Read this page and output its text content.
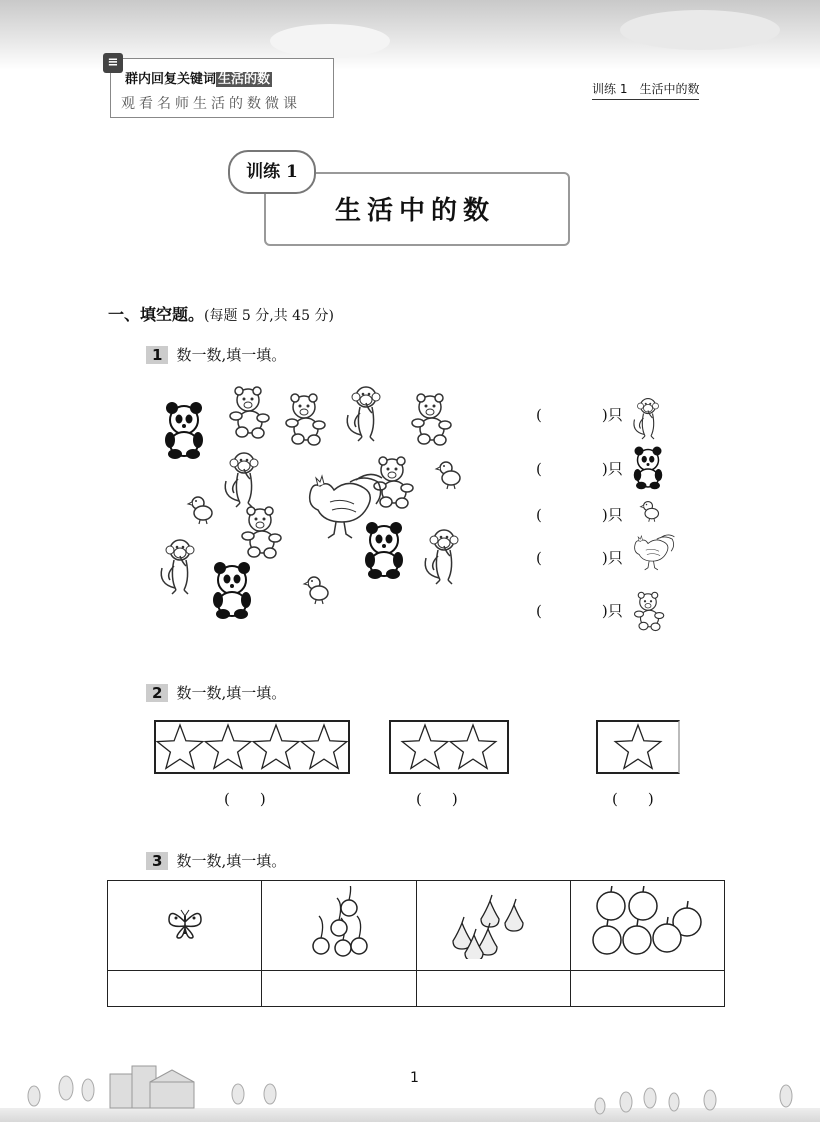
≡
群内回复关键词 生活的数
观看名师生活的数微课
训练 1　生活中的数
训练 1
生活中的数
一、填空题。(每题 5 分,共 45 分)
1 数一数,填一填。
(　　　　)只
(　　　　)只
(　　　　)只
(　　　　)只
(　　　　)只
2 数一数,填一填。
(　　)	(　　)	(　　)
3 数一数,填一填。

1
